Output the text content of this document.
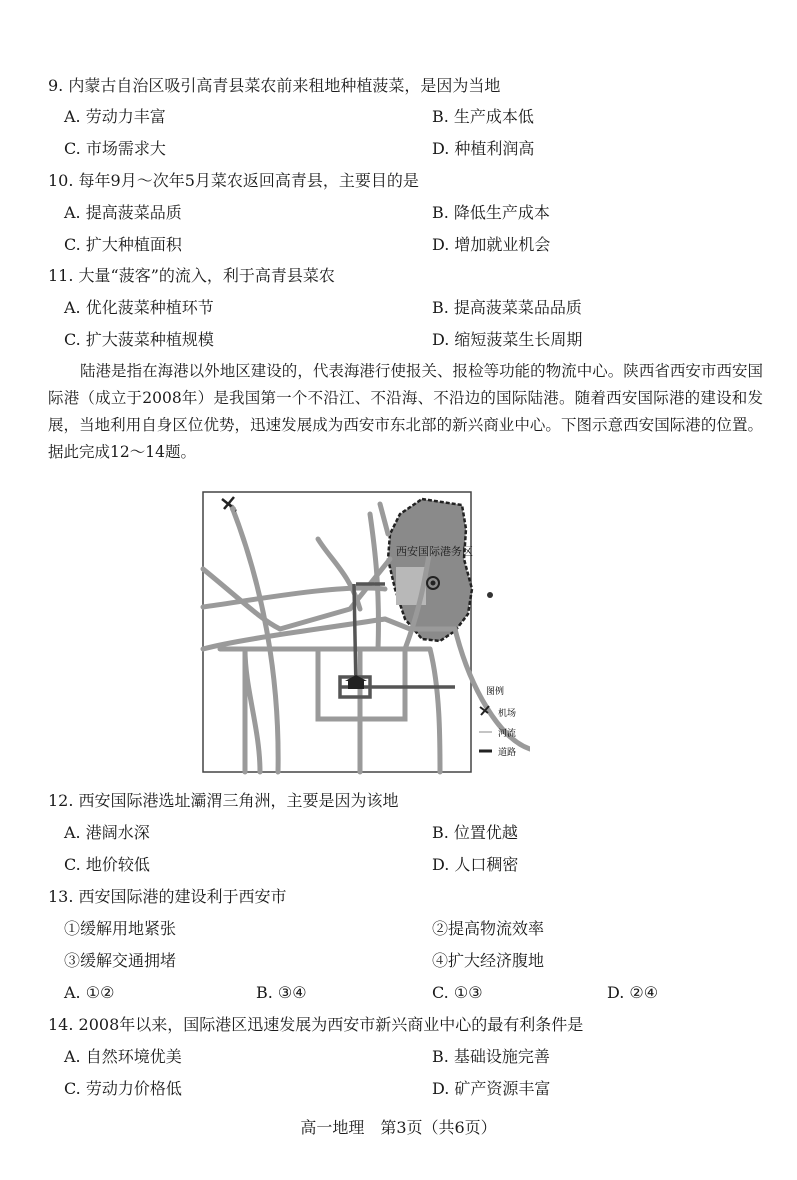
9. 内蒙古自治区吸引高青县菜农前来租地种植菠菜，是因为当地
A. 劳动力丰富	B. 生产成本低
C. 市场需求大	D. 种植利润高
10. 每年9月～次年5月菜农返回高青县，主要目的是
A. 提高菠菜品质	B. 降低生产成本
C. 扩大种植面积	D. 增加就业机会
11. 大量“菠客”的流入，利于高青县菜农
A. 优化菠菜种植环节	B. 提高菠菜菜品品质
C. 扩大菠菜种植规模	D. 缩短菠菜生长周期
陆港是指在海港以外地区建设的，代表海港行使报关、报检等功能的物流中心。陕西省西安市西安国际港（成立于2008年）是我国第一个不沿江、不沿海、不沿边的国际陆港。随着西安国际港的建设和发展，当地利用自身区位优势，迅速发展成为西安市东北部的新兴商业中心。下图示意西安国际港的位置。据此完成12～14题。
西安国际港务区
图例
机场
河流
道路
12. 西安国际港选址灞渭三角洲，主要是因为该地
A. 港阔水深	B. 位置优越
C. 地价较低	D. 人口稠密
13. 西安国际港的建设利于西安市
①缓解用地紧张	②提高物流效率
③缓解交通拥堵	④扩大经济腹地
A. ①②	B. ③④	C. ①③	D. ②④
14. 2008年以来，国际港区迅速发展为西安市新兴商业中心的最有利条件是
A. 自然环境优美	B. 基础设施完善
C. 劳动力价格低	D. 矿产资源丰富
高一地理　第3页（共6页）
